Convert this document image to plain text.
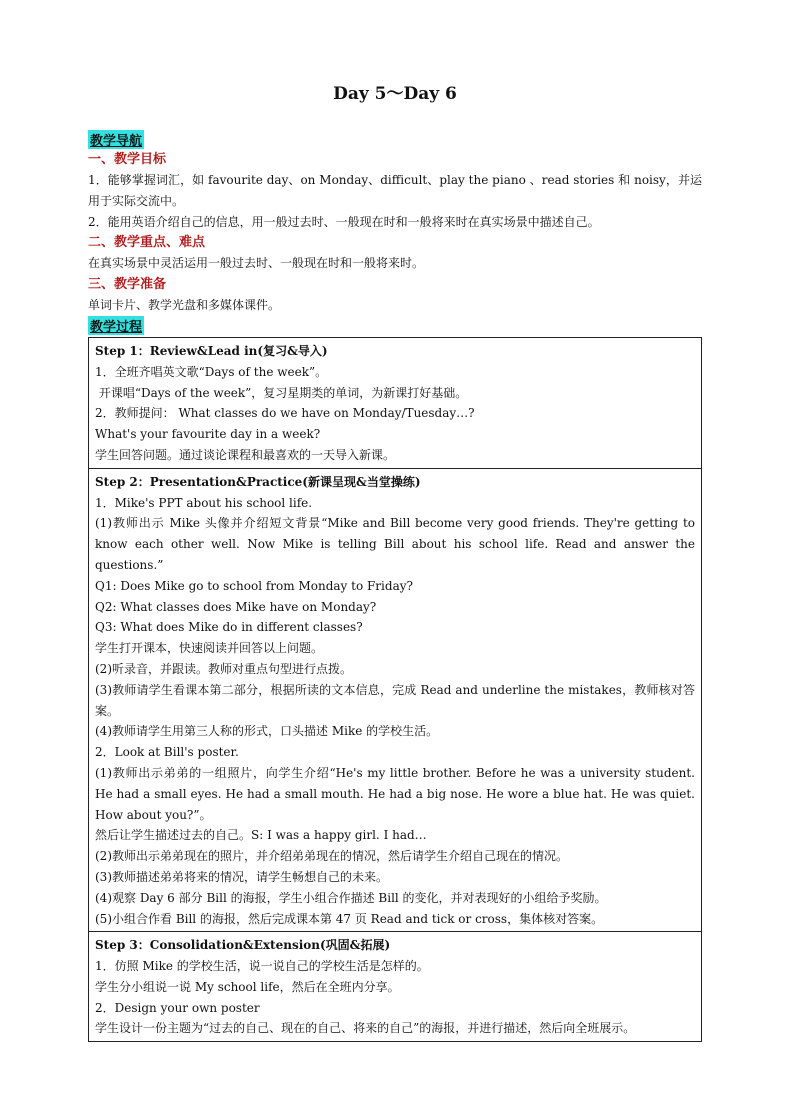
Day 5～Day 6
教学导航
一、教学目标

1．能够掌握词汇，如 favourite day、on Monday、difficult、play the piano 、read stories 和 noisy，并运用于实际交流中。

2．能用英语介绍自己的信息，用一般过去时、一般现在时和一般将来时在真实场景中描述自己。

二、教学重点、难点

在真实场景中灵活运用一般过去时、一般现在时和一般将来时。

三、教学准备

单词卡片、教学光盘和多媒体课件。

教学过程
Step 1：Review&Lead in(复习&导入)

1．全班齐唱英文歌“Days of the week”。

开课唱“Days of the week”，复习星期类的单词，为新课打好基础。

2．教师提问： What classes do we have on Monday/Tuesday…?

What's your favourite day in a week?

学生回答问题。通过谈论课程和最喜欢的一天导入新课。

Step 2：Presentation&Practice(新课呈现&当堂操练)

1．Mike's PPT about his school life.

(1)教师出示 Mike 头像并介绍短文背景“Mike and Bill become very good friends. They're getting to know each other well. Now Mike is telling Bill about his school life. Read and answer the questions.”

Q1: Does Mike go to school from Monday to Friday?

Q2: What classes does Mike have on Monday?

Q3: What does Mike do in different classes?

学生打开课本，快速阅读并回答以上问题。

(2)听录音，并跟读。教师对重点句型进行点拨。

(3)教师请学生看课本第二部分，根据所读的文本信息，完成 Read and underline the mistakes，教师核对答案。

(4)教师请学生用第三人称的形式，口头描述 Mike 的学校生活。

2．Look at Bill's poster.

(1)教师出示弟弟的一组照片，向学生介绍“He's my little brother. Before he was a university student. He had a small eyes. He had a small mouth. He had a big nose. He wore a blue hat. He was quiet. How about you?”。

然后让学生描述过去的自己。S: I was a happy girl. I had…

(2)教师出示弟弟现在的照片，并介绍弟弟现在的情况，然后请学生介绍自己现在的情况。

(3)教师描述弟弟将来的情况，请学生畅想自己的未来。

(4)观察 Day 6 部分 Bill 的海报，学生小组合作描述 Bill 的变化，并对表现好的小组给予奖励。

(5)小组合作看 Bill 的海报，然后完成课本第 47 页 Read and tick or cross，集体核对答案。

Step 3：Consolidation&Extension(巩固&拓展)

1．仿照 Mike 的学校生活，说一说自己的学校生活是怎样的。

学生分小组说一说 My school life，然后在全班内分享。

2．Design your own poster

学生设计一份主题为“过去的自己、现在的自己、将来的自己”的海报，并进行描述，然后向全班展示。
